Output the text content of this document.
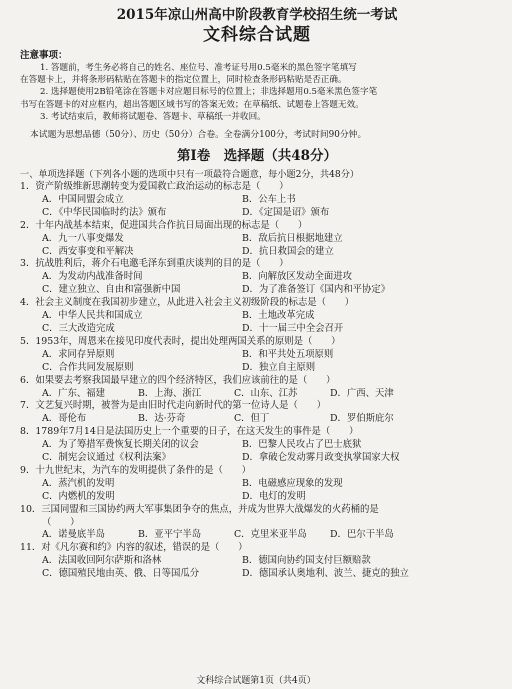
2015年凉山州高中阶段教育学校招生统一考试
文科综合试题
注意事项：

1. 答题前，考生务必将自己的姓名、座位号、准考证号用0.5毫米的黑色签字笔填写

在答题卡上，并将条形码粘贴在答题卡的指定位置上，同时检查条形码粘贴是否正确。

2. 选择题使用2B铅笔涂在答题卡对应题目标号的位置上；非选择题用0.5毫米黑色签字笔

书写在答题卡的对应框内，超出答题区域书写的答案无效；在草稿纸、试题卷上答题无效。

3. 考试结束后，教师将试题卷、答题卡、草稿纸一并收回。

本试题为思想品德（50分）、历史（50分）合卷。全卷满分100分，考试时间90分钟。
第Ⅰ卷　选择题（共48分）
一、单项选择题（下列各小题的选项中只有一项最符合题意，每小题2分，共48分）

1．资产阶级维新思潮转变为爱国救亡政治运动的标志是（　　）

A．中国同盟会成立	B．公车上书
C．《中华民国临时约法》颁布	D．《定国是诏》颁布

2．十年内战基本结束，促进国共合作抗日局面出现的标志是（　　）

A．九一八事变爆发	B．敌后抗日根据地建立
C．西安事变和平解决	D．抗日救国会的建立

3．抗战胜利后，蒋介石电邀毛泽东到重庆谈判的目的是（　　）

A．为发动内战准备时间	B．向解放区发动全面进攻
C．建立独立、自由和富强新中国	D．为了准备签订《国内和平协定》

4．社会主义制度在我国初步建立，从此进入社会主义初级阶段的标志是（　　）

A．中华人民共和国成立	B．土地改革完成
C．三大改造完成	D．十一届三中全会召开

5．1953年，周恩来在接见印度代表时，提出处理两国关系的原则是（　　）

A．求同存异原则	B．和平共处五项原则
C．合作共同发展原则	D．独立自主原则

6．如果要去考察我国最早建立的四个经济特区，我们应该前往的是（　　）

A．广东、福建	B．上海、浙江	C．山东、江苏	D．广西、天津

7．文艺复兴时期，被誉为是由旧时代走向新时代的第一位诗人是（　　）

A．哥伦布	B．达·芬奇	C．但丁	D．罗伯斯庇尔

8．1789年7月14日是法国历史上一个重要的日子，在这天发生的事件是（　　）

A．为了筹措军费恢复长期关闭的议会	B．巴黎人民攻占了巴士底狱
C．制宪会议通过《权利法案》	D．拿破仑发动雾月政变执掌国家大权

9．十九世纪末，为汽车的发明提供了条件的是（　　）

A．蒸汽机的发明	B．电磁感应现象的发现
C．内燃机的发明	D．电灯的发明

10．三国同盟和三国协约两大军事集团争夺的焦点，并成为世界大战爆发的火药桶的是

（　　）
A．诺曼底半岛	B．亚平宁半岛	C．克里米亚半岛	D．巴尔干半岛

11．对《凡尔赛和约》内容的叙述，错误的是（　　）

A．法国收回阿尔萨斯和洛林	B．德国向协约国支付巨额赔款
C．德国殖民地由英、俄、日等国瓜分	D．德国承认奥地利、波兰、捷克的独立
文科综合试题第1页（共4页）
